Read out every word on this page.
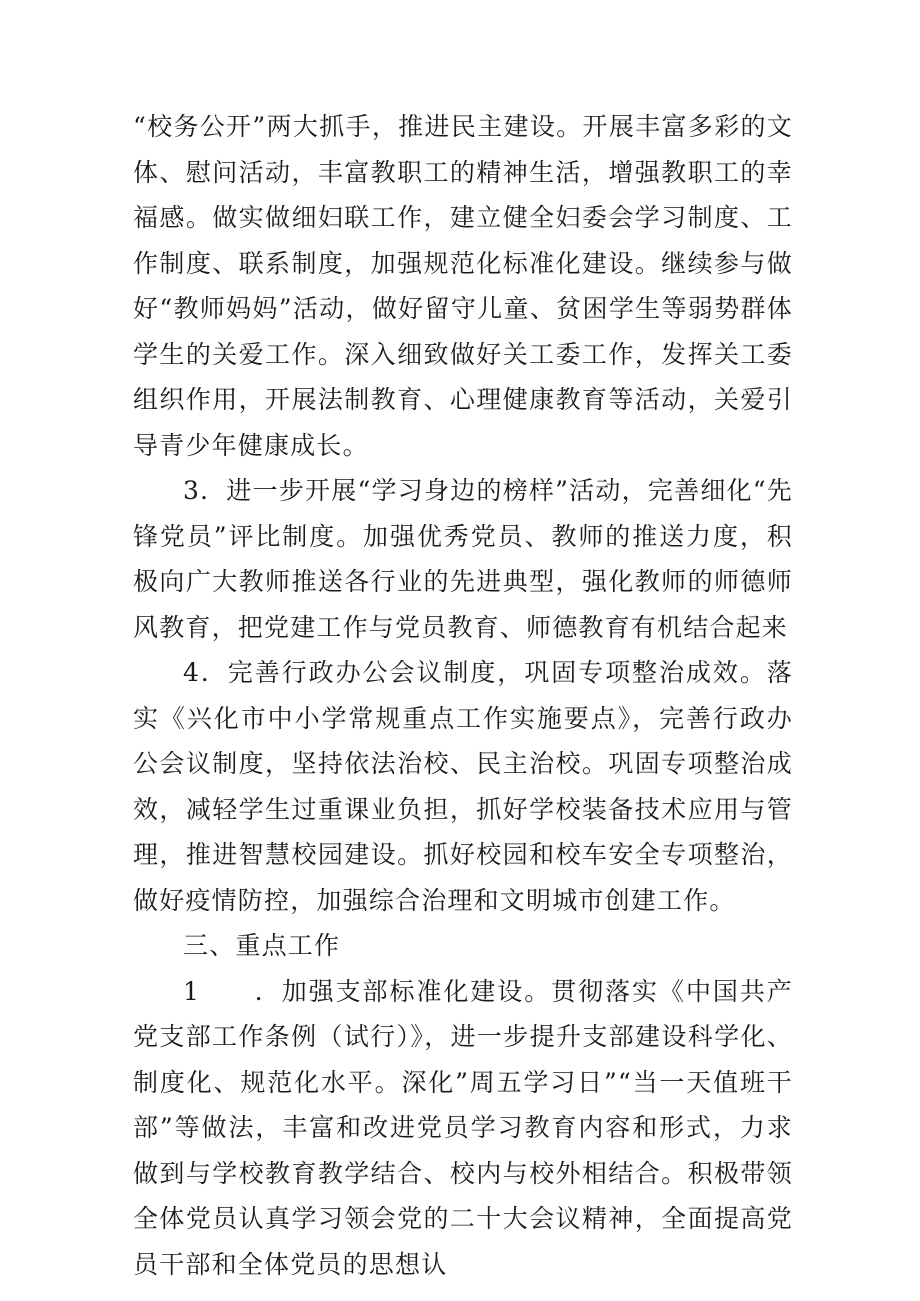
“校务公开”两大抓手，推进民主建设。开展丰富多彩的文体、慰问活动，丰富教职工的精神生活，增强教职工的幸福感。做实做细妇联工作，建立健全妇委会学习制度、工作制度、联系制度，加强规范化标准化建设。继续参与做好“教师妈妈”活动，做好留守儿童、贫困学生等弱势群体学生的关爱工作。深入细致做好关工委工作，发挥关工委组织作用，开展法制教育、心理健康教育等活动，关爱引导青少年健康成长。

3．进一步开展“学习身边的榜样”活动，完善细化“先锋党员”评比制度。加强优秀党员、教师的推送力度，积极向广大教师推送各行业的先进典型，强化教师的师德师风教育，把党建工作与党员教育、师德教育有机结合起来

4．完善行政办公会议制度，巩固专项整治成效。落实《兴化市中小学常规重点工作实施要点》，完善行政办公会议制度，坚持依法治校、民主治校。巩固专项整治成效，减轻学生过重课业负担，抓好学校装备技术应用与管理，推进智慧校园建设。抓好校园和校车安全专项整治，做好疫情防控，加强综合治理和文明城市创建工作。

三、重点工作

1　　．加强支部标准化建设。贯彻落实《中国共产党支部工作条例（试行）》，进一步提升支部建设科学化、制度化、规范化水平。深化”周五学习日”“当一天值班干部”等做法，丰富和改进党员学习教育内容和形式，力求做到与学校教育教学结合、校内与校外相结合。积极带领全体党员认真学习领会党的二十大会议精神，全面提高党员干部和全体党员的思想认
